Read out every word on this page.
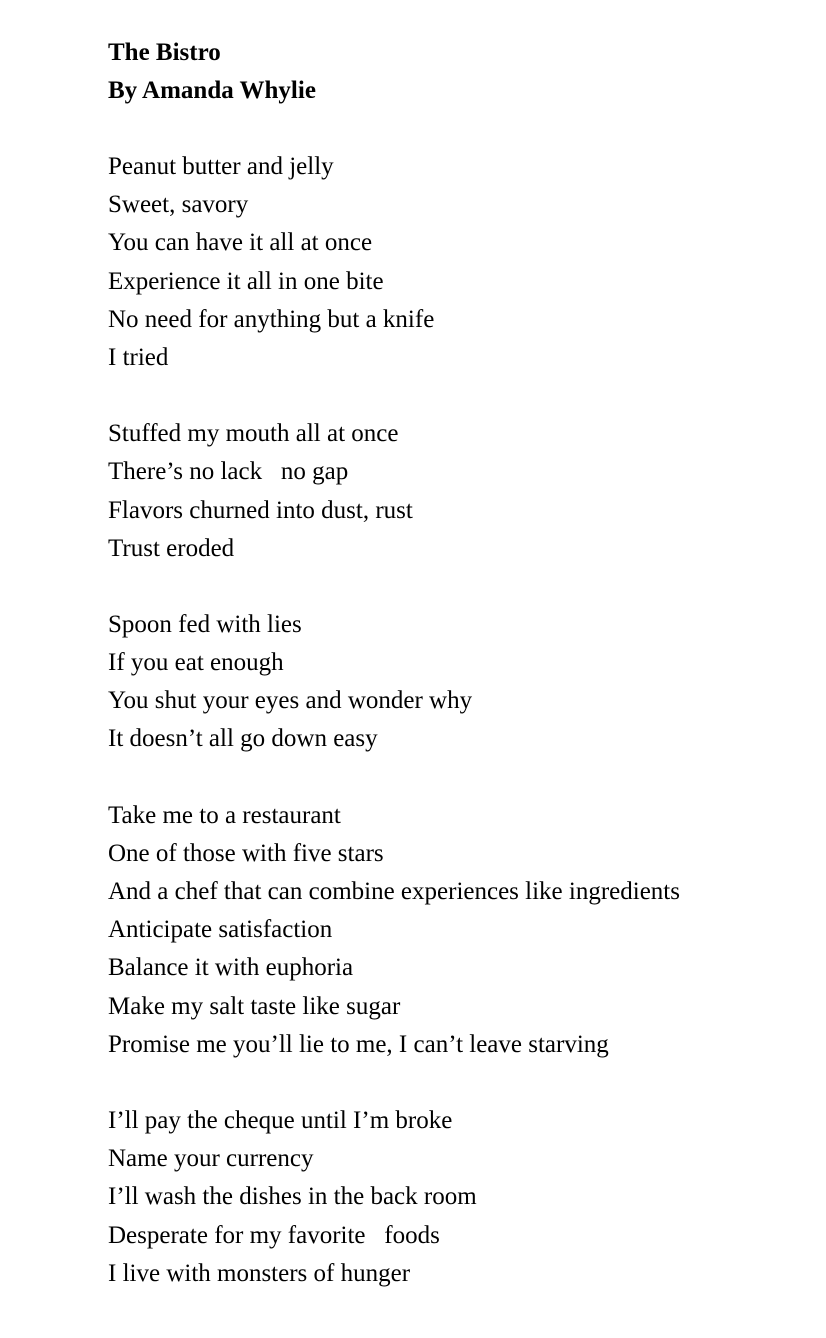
The Bistro
By Amanda Whylie
Peanut butter and jelly
Sweet, savory
You can have it all at once
Experience it all in one bite
No need for anything but a knife
I tried
Stuffed my mouth all at once
There’s no lack   no gap
Flavors churned into dust, rust
Trust eroded
Spoon fed with lies
If you eat enough
You shut your eyes and wonder why
It doesn’t all go down easy
Take me to a restaurant
One of those with five stars
And a chef that can combine experiences like ingredients
Anticipate satisfaction
Balance it with euphoria
Make my salt taste like sugar
Promise me you’ll lie to me, I can’t leave starving
I’ll pay the cheque until I’m broke
Name your currency
I’ll wash the dishes in the back room
Desperate for my favorite   foods
I live with monsters of hunger
